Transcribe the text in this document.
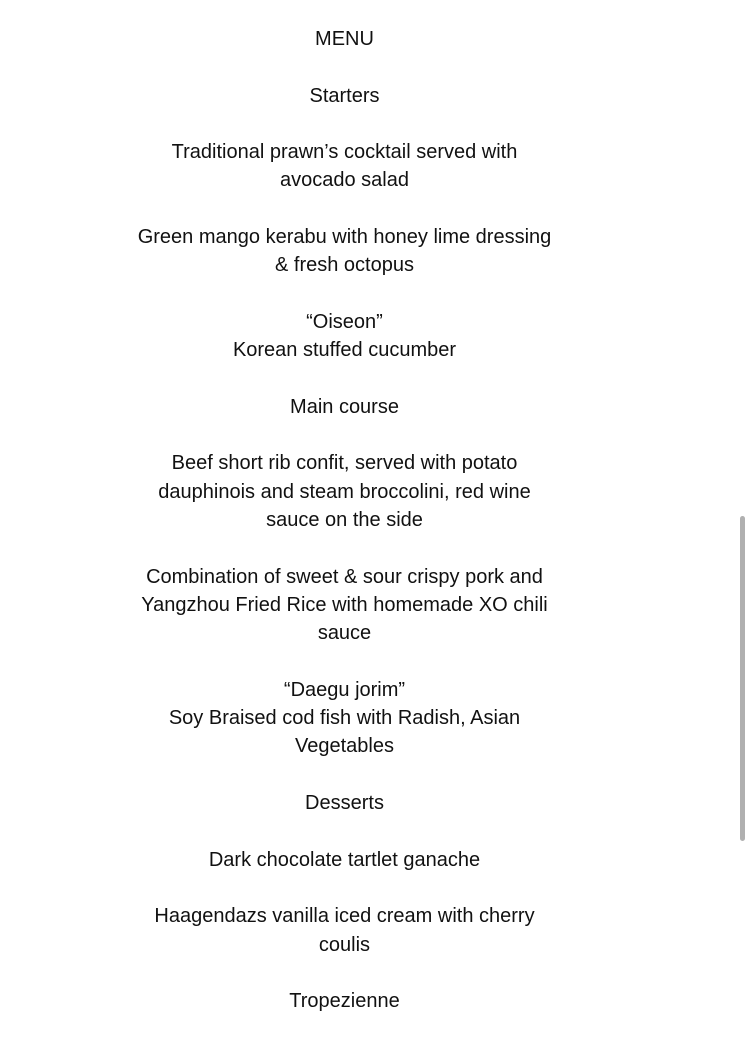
MENU

Starters

Traditional prawn’s cocktail served with

avocado salad

Green mango kerabu with honey lime dressing

& fresh octopus

“Oiseon”

Korean stuffed cucumber

Main course

Beef short rib confit, served with potato

dauphinois and steam broccolini, red wine

sauce on the side

Combination of sweet & sour crispy pork and

Yangzhou Fried Rice with homemade XO chili

sauce

“Daegu jorim”

Soy Braised cod fish with Radish, Asian

Vegetables

Desserts

Dark chocolate tartlet ganache

Haagendazs vanilla iced cream with cherry

coulis

Tropezienne
